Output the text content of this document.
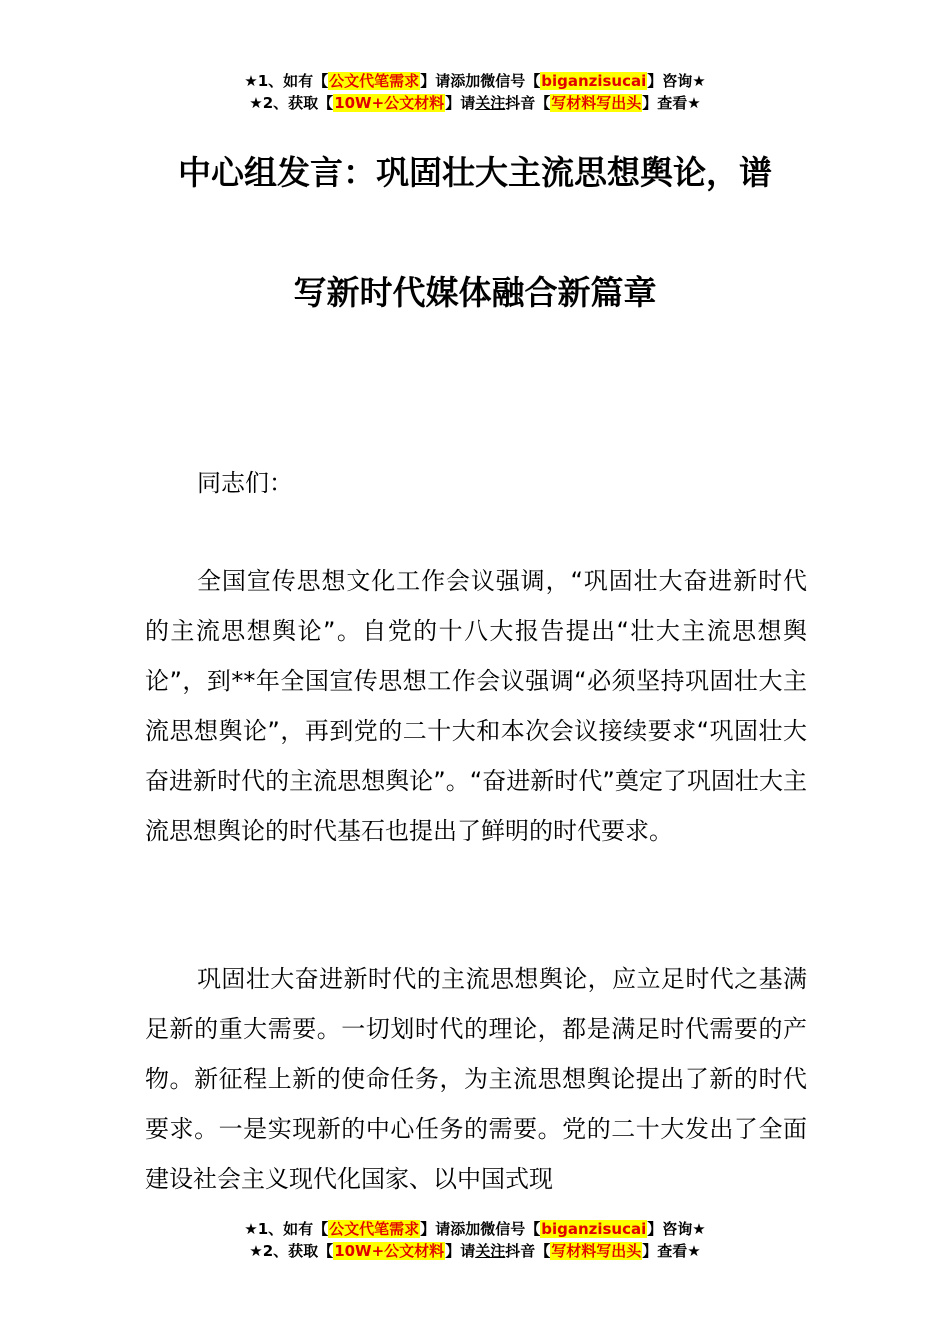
★1、如有【公文代笔需求】请添加微信号【biganzisucai】咨询★
★2、获取【10W+公文材料】请关注抖音【写材料写出头】查看★
中心组发言：巩固壮大主流思想舆论，谱
写新时代媒体融合新篇章
同志们：
全国宣传思想文化工作会议强调，“巩固壮大奋进新时代的主流思想舆论”。自党的十八大报告提出“壮大主流思想舆论”，到**年全国宣传思想工作会议强调“必须坚持巩固壮大主流思想舆论”，再到党的二十大和本次会议接续要求“巩固壮大奋进新时代的主流思想舆论”。“奋进新时代”奠定了巩固壮大主流思想舆论的时代基石也提出了鲜明的时代要求。
巩固壮大奋进新时代的主流思想舆论，应立足时代之基满足新的重大需要。一切划时代的理论，都是满足时代需要的产物。新征程上新的使命任务，为主流思想舆论提出了新的时代要求。一是实现新的中心任务的需要。党的二十大发出了全面建设社会主义现代化国家、以中国式现
★1、如有【公文代笔需求】请添加微信号【biganzisucai】咨询★
★2、获取【10W+公文材料】请关注抖音【写材料写出头】查看★
